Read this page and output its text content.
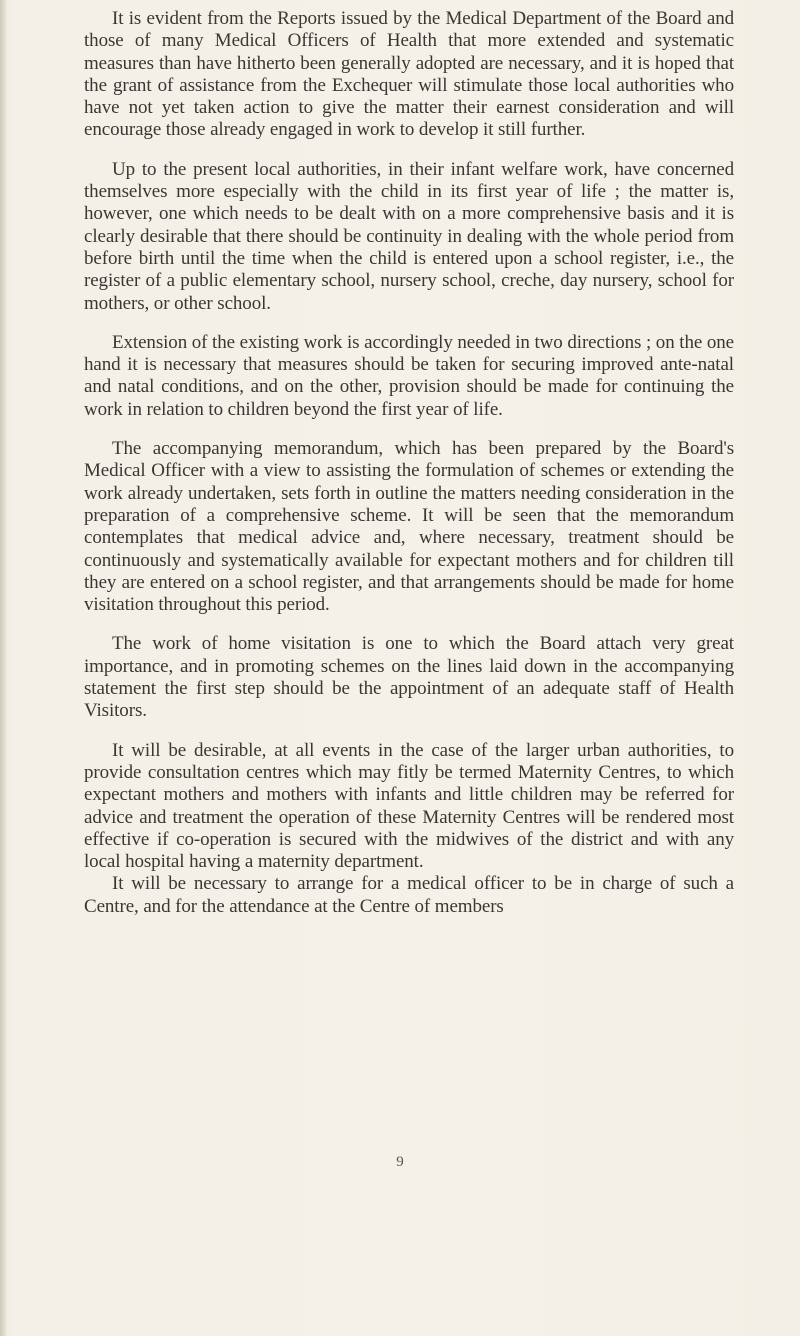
It is evident from the Reports issued by the Medical Department of the Board and those of many Medical Officers of Health that more extended and systematic measures than have hitherto been generally adopted are necessary, and it is hoped that the grant of assistance from the Exchequer will stimulate those local authorities who have not yet taken action to give the matter their earnest consideration and will encourage those already engaged in work to develop it still further.

Up to the present local authorities, in their infant welfare work, have concerned themselves more especially with the child in its first year of life ; the matter is, however, one which needs to be dealt with on a more comprehensive basis and it is clearly desirable that there should be continuity in dealing with the whole period from before birth until the time when the child is entered upon a school register, i.e., the register of a public elementary school, nursery school, creche, day nursery, school for mothers, or other school.

Extension of the existing work is accordingly needed in two directions ; on the one hand it is necessary that measures should be taken for securing improved ante-natal and natal conditions, and on the other, provision should be made for continuing the work in relation to children beyond the first year of life.

The accompanying memorandum, which has been prepared by the Board's Medical Officer with a view to assisting the formulation of schemes or extending the work already undertaken, sets forth in outline the matters needing consideration in the preparation of a comprehensive scheme. It will be seen that the memorandum contemplates that medical advice and, where necessary, treatment should be continuously and systematically available for expectant mothers and for children till they are entered on a school register, and that arrangements should be made for home visitation throughout this period.

The work of home visitation is one to which the Board attach very great importance, and in promoting schemes on the lines laid down in the accompanying statement the first step should be the appointment of an adequate staff of Health Visitors.

It will be desirable, at all events in the case of the larger urban authorities, to provide consultation centres which may fitly be termed Maternity Centres, to which expectant mothers and mothers with infants and little children may be referred for advice and treatment the operation of these Maternity Centres will be rendered most effective if co-operation is secured with the midwives of the district and with any local hospital having a maternity department.

It will be necessary to arrange for a medical officer to be in charge of such a Centre, and for the attendance at the Centre of members

9
